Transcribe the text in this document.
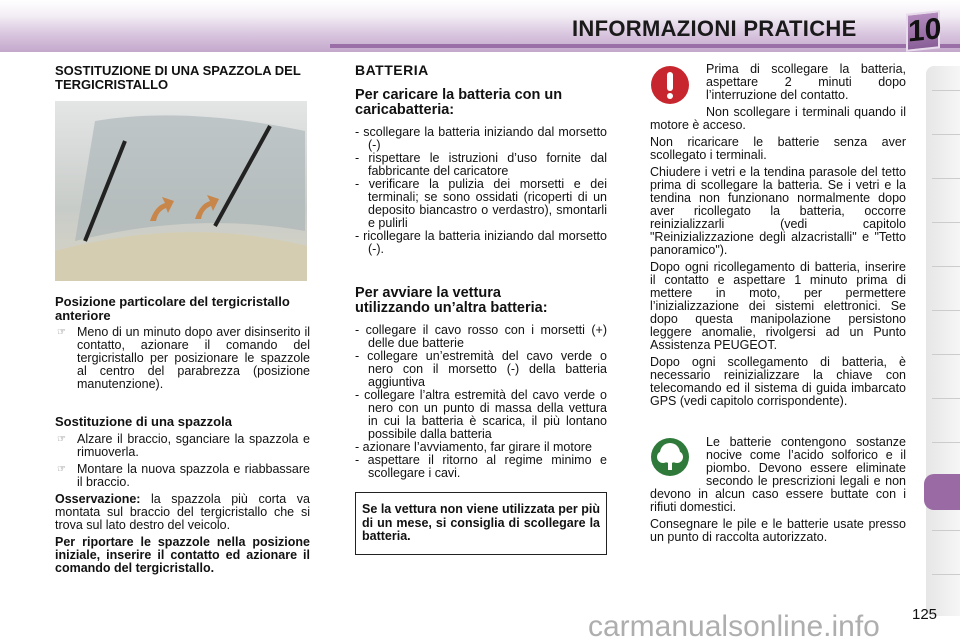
INFORMAZIONI PRATICHE 10
SOSTITUZIONE DI UNA SPAZZOLA DEL TERGICRISTALLO
Posizione particolare del tergicristallo anteriore
☞ Meno di un minuto dopo aver disinserito il contatto, azionare il comando del tergicristallo per posizionare le spazzole al centro del parabrezza (posizione manutenzione).
Sostituzione di una spazzola
☞ Alzare il braccio, sganciare la spazzola e rimuoverla.
☞ Montare la nuova spazzola e riabbassare il braccio.

Osservazione: la spazzola più corta va montata sul braccio del tergicristallo che si trova sul lato destro del veicolo.

Per riportare le spazzole nella posizione iniziale, inserire il contatto ed azionare il comando del tergicristallo.

BATTERIA
Per caricare la batteria con un caricabatteria:

- scollegare la batteria iniziando dal morsetto (-)

- rispettare le istruzioni d’uso fornite dal fabbricante del caricatore

- verificare la pulizia dei morsetti e dei terminali; se sono ossidati (ricoperti di un deposito biancastro o verdastro), smontarli e pulirli

- ricollegare la batteria iniziando dal morsetto (-).

Per avviare la vettura utilizzando un’altra batteria:

- collegare il cavo rosso con i morsetti (+) delle due batterie

- collegare un’estremità del cavo verde o nero con il morsetto (-) della batteria aggiuntiva

- collegare l’altra estremità del cavo verde o nero con un punto di massa della vettura in cui la batteria è scarica, il più lontano possibile dalla batteria

- azionare l’avviamento, far girare il motore

- aspettare il ritorno al regime minimo e scollegare i cavi.

Se la vettura non viene utilizzata per più di un mese, si consiglia di scollegare la batteria.

Prima di scollegare la batteria, aspettare 2 minuti dopo l’interruzione del contatto.

Non scollegare i terminali quando il motore è acceso.

Non ricaricare le batterie senza aver scollegato i terminali.

Chiudere i vetri e la tendina parasole del tetto prima di scollegare la batteria. Se i vetri e la tendina non funzionano normalmente dopo aver ricollegato la batteria, occorre reinizializzarli (vedi capitolo "Reinizializzazione degli alzacristalli" e "Tetto panoramico").

Dopo ogni ricollegamento di batteria, inserire il contatto e aspettare 1 minuto prima di mettere in moto, per permettere l’inizializzazione dei sistemi elettronici. Se dopo questa manipolazione persistono leggere anomalie, rivolgersi ad un Punto Assistenza PEUGEOT.

Dopo ogni scollegamento di batteria, è necessario reinizializzare la chiave con telecomando ed il sistema di guida imbarcato GPS (vedi capitolo corrispondente).

Le batterie contengono sostanze nocive come l’acido solforico e il piombo. Devono essere eliminate secondo le prescrizioni legali e non devono in alcun caso essere buttate con i rifiuti domestici.

Consegnare le pile e le batterie usate presso un punto di raccolta autorizzato.

125
carmanualsonline.info
